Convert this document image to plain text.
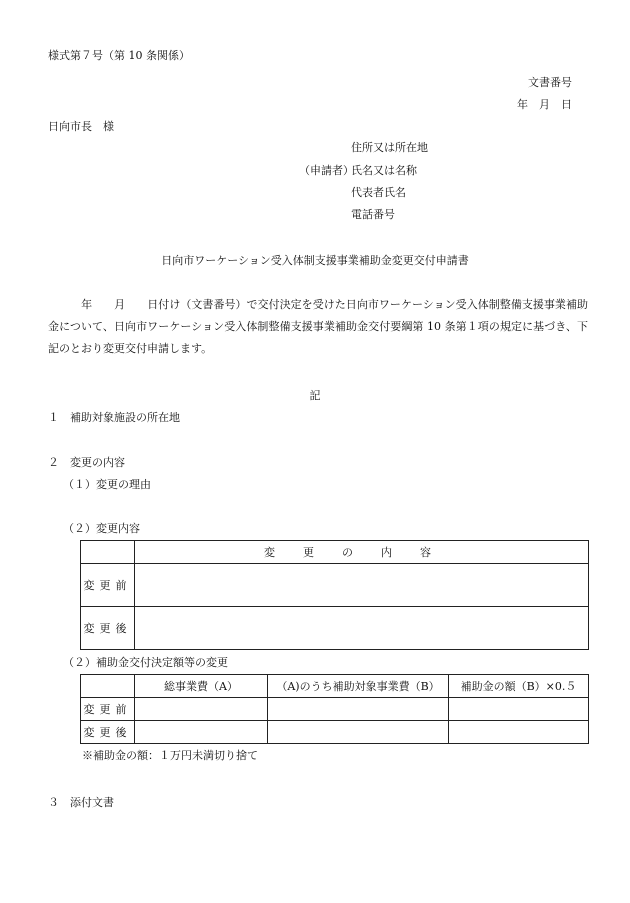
様式第７号（第 10 条関係）
文書番号
年　月　日
日向市長　様
住所又は所在地
（申請者）
氏名又は名称
代表者氏名
電話番号
日向市ワーケーション受入体制支援事業補助金変更交付申請書
　　　年　　月　　日付け（文書番号）で交付決定を受けた日向市ワーケーション受入体制整備支援事業補助金について、日向市ワーケーション受入体制整備支援事業補助金交付要綱第 10 条第１項の規定に基づき、下記のとおり変更交付申請します。
記
１　補助対象施設の所在地
２　変更の内容
（１）変更の理由
（２）変更内容
	変更の内容
変更前	
変更後	
（２）補助金交付決定額等の変更
	総事業費（A）	（A)のうち補助対象事業費（B）	補助金の額（B）×0.５
変更前			
変更後			
※補助金の額：１万円未満切り捨て
３　添付文書
